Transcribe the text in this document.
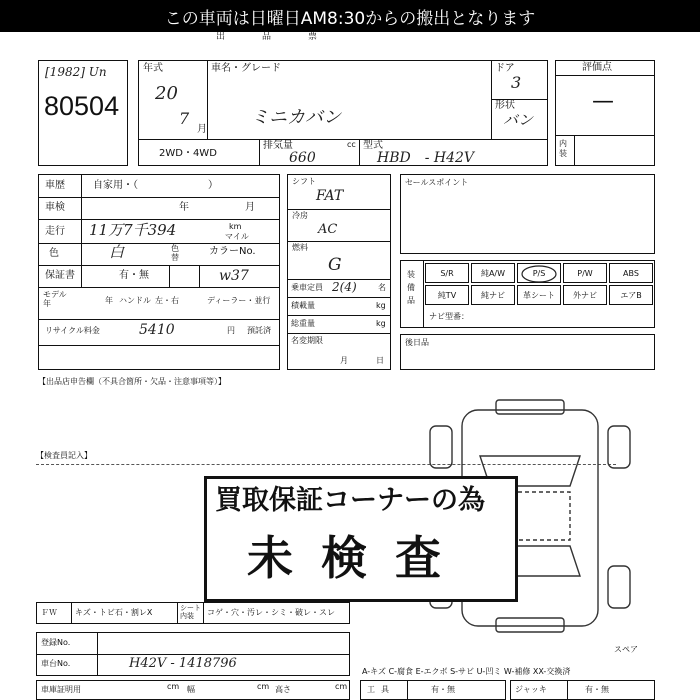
この車両は日曜日AM8:30からの搬出となります
出　品　票
[1982] Un
80504
年式
20
7
月
車名・グレード
ミニカバン
ドア
3
形状
バン
2WD・4WD
排気量
660
cc 型式
HBD　- H42V
評価点
—
内装
車歴	自家用・（　　　　　　　）
車検	年	月
走行 11万7千394	km
マイル
色	白	色替
カラーNo.
保証書	有・無	w37
モデル年	年 ハンドル 左・右	ディーラー・並行
リサイクル料金	5410	円 預託済
シフト
FAT
冷房
AC
燃料
G
乗車定員 2(4)	名
積載量	kg
総重量	kg
名変期限
月	日
セールスポイント
装備品
S/R	純A/W	P/S	P/W	ABS
純TV	純ナビ	革シート	外ナビ	エアB
ナビ型番：
後日品
【出品店申告欄（不具合箇所・欠品・注意事項等）】
【検査員記入】
買取保証コーナーの為
未 検 査
ＦＷ キズ・トビ石・割レX	シート内装	コゲ・穴・汚レ・シミ・破レ・スレ
登録No.
車台No.	H42V - 1418796
車庫証明用	cm 幅	cm 高さ	cm
スペア
A-キズ C-腐食 E-エクボ S-サビ U-凹ミ W-補修 XX-交換済
工具	有・無	ジャッキ	有・無
